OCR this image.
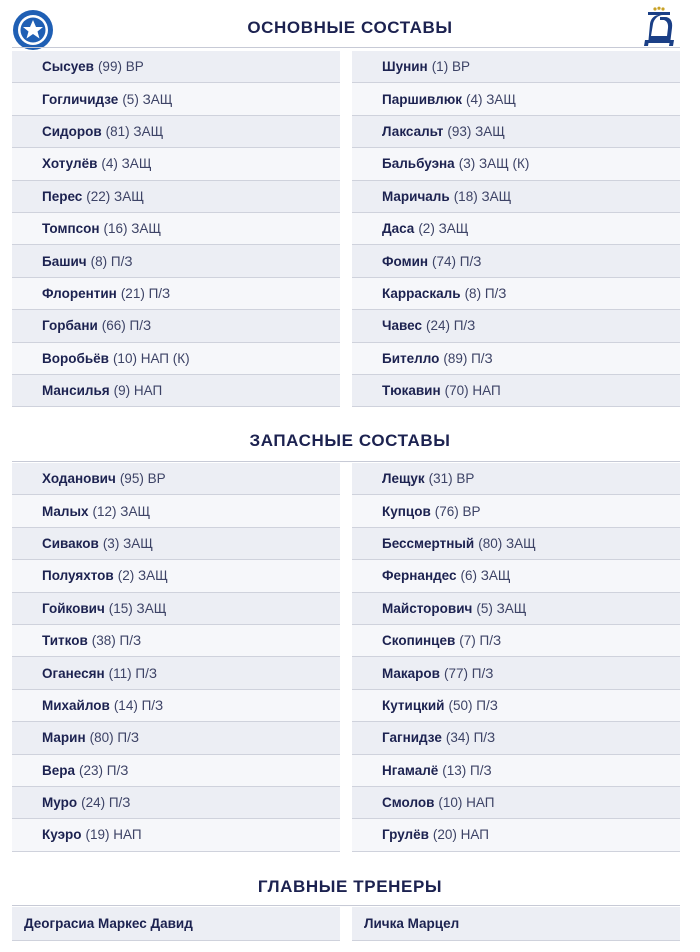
ОСНОВНЫЕ СОСТАВЫ
Сысуев (99) ВР
Гогличидзе (5) ЗАЩ
Сидоров (81) ЗАЩ
Хотулёв (4) ЗАЩ
Перес (22) ЗАЩ
Томпсон (16) ЗАЩ
Башич (8) П/З
Флорентин (21) П/З
Горбани (66) П/З
Воробьёв (10) НАП (К)
Мансилья (9) НАП
Шунин (1) ВР
Паршивлюк (4) ЗАЩ
Лаксальт (93) ЗАЩ
Бальбуэна (3) ЗАЩ (К)
Маричаль (18) ЗАЩ
Даса (2) ЗАЩ
Фомин (74) П/З
Карраскаль (8) П/З
Чавес (24) П/З
Бителло (89) П/З
Тюкавин (70) НАП
ЗАПАСНЫЕ СОСТАВЫ
Ходанович (95) ВР
Малых (12) ЗАЩ
Сиваков (3) ЗАЩ
Полуяхтов (2) ЗАЩ
Гойкович (15) ЗАЩ
Титков (38) П/З
Оганесян (11) П/З
Михайлов (14) П/З
Марин (80) П/З
Вера (23) П/З
Муро (24) П/З
Куэро (19) НАП
Лещук (31) ВР
Купцов (76) ВР
Бессмертный (80) ЗАЩ
Фернандес (6) ЗАЩ
Майсторович (5) ЗАЩ
Скопинцев (7) П/З
Макаров (77) П/З
Кутицкий (50) П/З
Гагнидзе (34) П/З
Нгамалё (13) П/З
Смолов (10) НАП
Грулёв (20) НАП
ГЛАВНЫЕ ТРЕНЕРЫ
Деограсиа Маркес Давид	Личка Марцел
